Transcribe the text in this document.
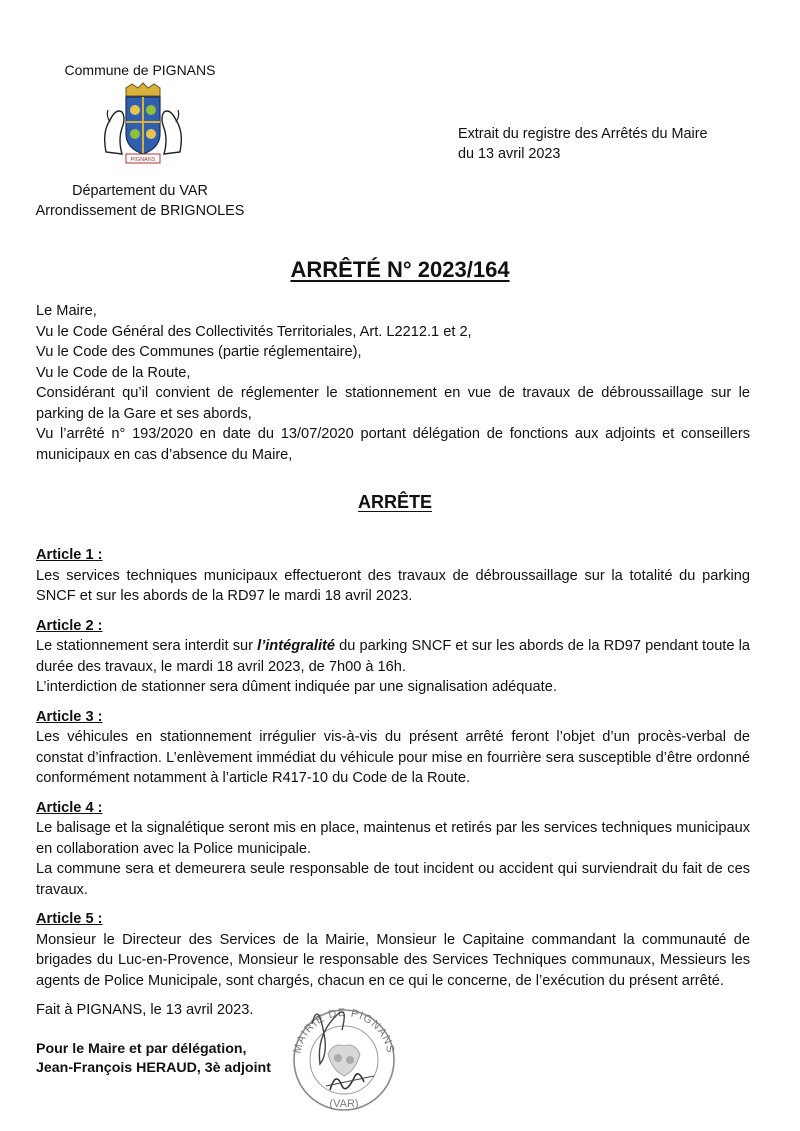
Commune de PIGNANS
PIGNANS
Département du VAR
Arrondissement de BRIGNOLES
Extrait du registre des Arrêtés du Maire
du 13 avril 2023
ARRÊTÉ N° 2023/164

Le Maire,

Vu le Code Général des Collectivités Territoriales, Art. L2212.1 et 2,

Vu le Code des Communes (partie réglementaire),

Vu le Code de la Route,

Considérant qu’il convient de réglementer le stationnement en vue de travaux de débroussaillage sur le parking de la Gare et ses abords,

Vu l’arrêté n° 193/2020 en date du 13/07/2020 portant délégation de fonctions aux adjoints et conseillers municipaux en cas d’absence du Maire,

ARRÊTE

Article 1 :

Les services techniques municipaux effectueront des travaux de débroussaillage sur la totalité du parking SNCF et sur les abords de la RD97 le mardi 18 avril 2023.

Article 2 :

Le stationnement sera interdit sur l’intégralité du parking SNCF et sur les abords de la RD97 pendant toute la durée des travaux, le mardi 18 avril 2023, de 7h00 à 16h.

L’interdiction de stationner sera dûment indiquée par une signalisation adéquate.

Article 3 :

Les véhicules en stationnement irrégulier vis-à-vis du présent arrêté feront l’objet d’un procès-verbal de constat d’infraction. L’enlèvement immédiat du véhicule pour mise en fourrière sera susceptible d’être ordonné conformément notamment à l’article R417-10 du Code de la Route.

Article 4 :

Le balisage et la signalétique seront mis en place, maintenus et retirés par les services techniques municipaux en collaboration avec la Police municipale.

La commune sera et demeurera seule responsable de tout incident ou accident qui surviendrait du fait de ces travaux.

Article 5 :

Monsieur le Directeur des Services de la Mairie, Monsieur le Capitaine commandant la communauté de brigades du Luc-en-Provence, Monsieur le responsable des Services Techniques communaux, Messieurs les agents de Police Municipale, sont chargés, chacun en ce qui le concerne, de l’exécution du présent arrêté.

Fait à PIGNANS, le 13 avril 2023.
Pour le Maire et par délégation,
Jean-François HERAUD, 3è adjoint
MAIRIE DE PIGNANS
(VAR)
